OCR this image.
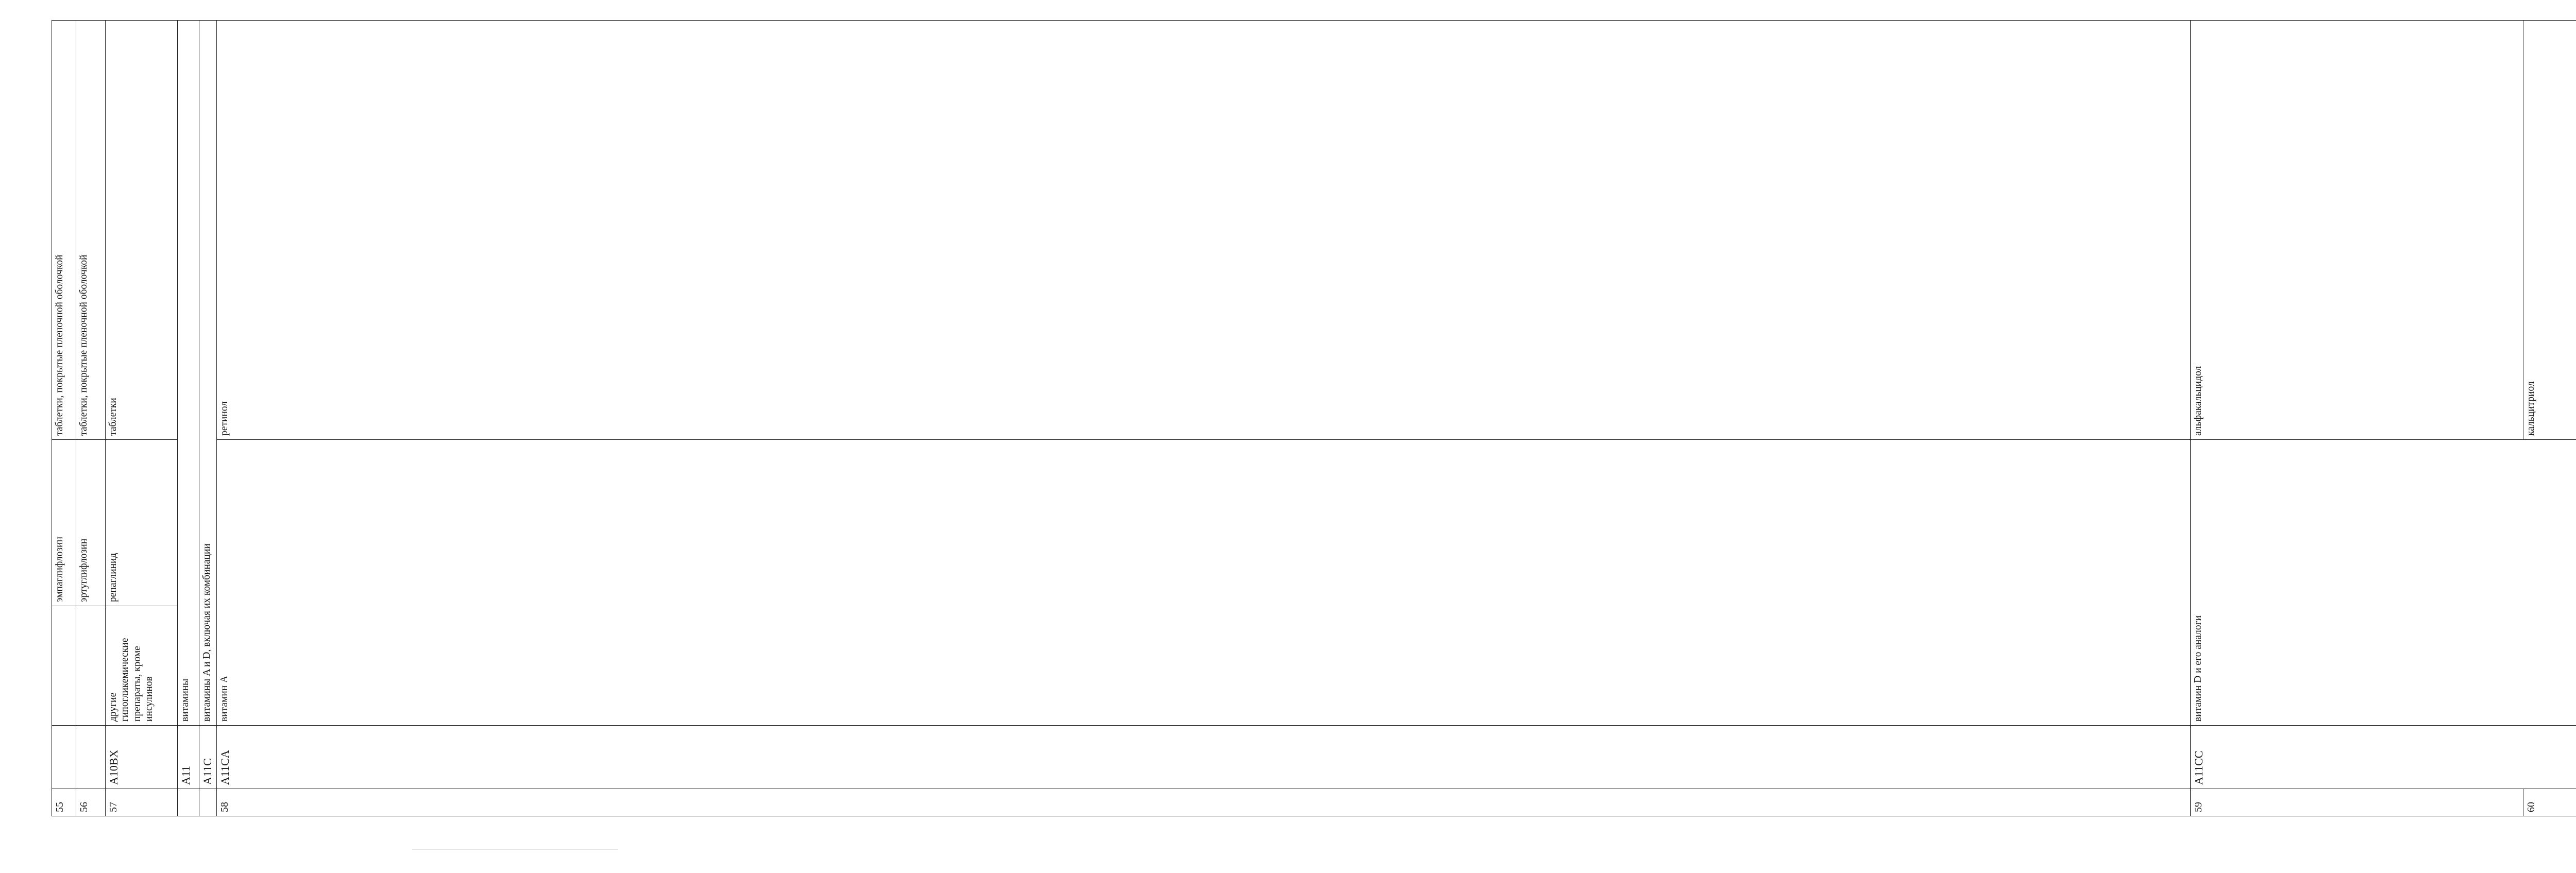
55			эмпаглифлозин	таблетки, покрытые пленочной оболочкой	
56			эртуглифлозин	таблетки, покрытые пленочной оболочкой	
57	A10BX	другие гипогликемические препараты, кроме инсулинов	репаглинид	таблетки	
	A11	витамины			
	A11C	витамины A и D, включая их комбинации			
58	A11CA	витамин A		ретинол	

59	A11CC	витамин D и его аналоги		альфакальцидол	

60				кальцитриол	
